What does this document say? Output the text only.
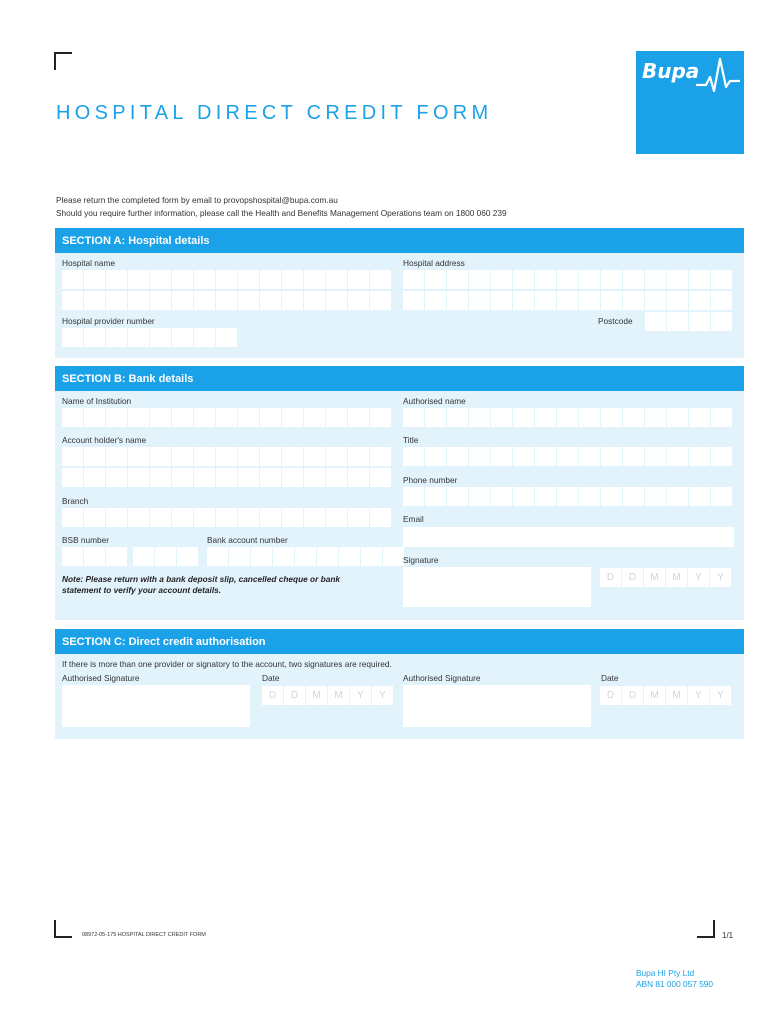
Bupa
HOSPITAL DIRECT CREDIT FORM
Please return the completed form by email to provopshospital@bupa.com.au
Should you require further information, please call the Health and Benefits Management Operations team on 1800 060 239
SECTION A: Hospital details
Hospital name	Hospital address
Hospital provider number	Postcode
SECTION B: Bank details
Name of Institution	Authorised name
Account holder's name	Title
Phone number
Branch
Email
BSB number	Bank account number
Signature
D	D	M	M	Y	Y
Note: Please return with a bank deposit slip, cancelled cheque or bank
statement to verify your account details.
SECTION C: Direct credit authorisation
If there is more than one provider or signatory to the account, two signatures are required.
Authorised Signature	Date
D	D	M	M	Y	Y
Authorised Signature	Date
D	D	M	M	Y	Y
08972-05-175 HOSPITAL DIRECT CREDIT FORM	1/1
Bupa HI Pty Ltd
ABN 81 000 057 590
